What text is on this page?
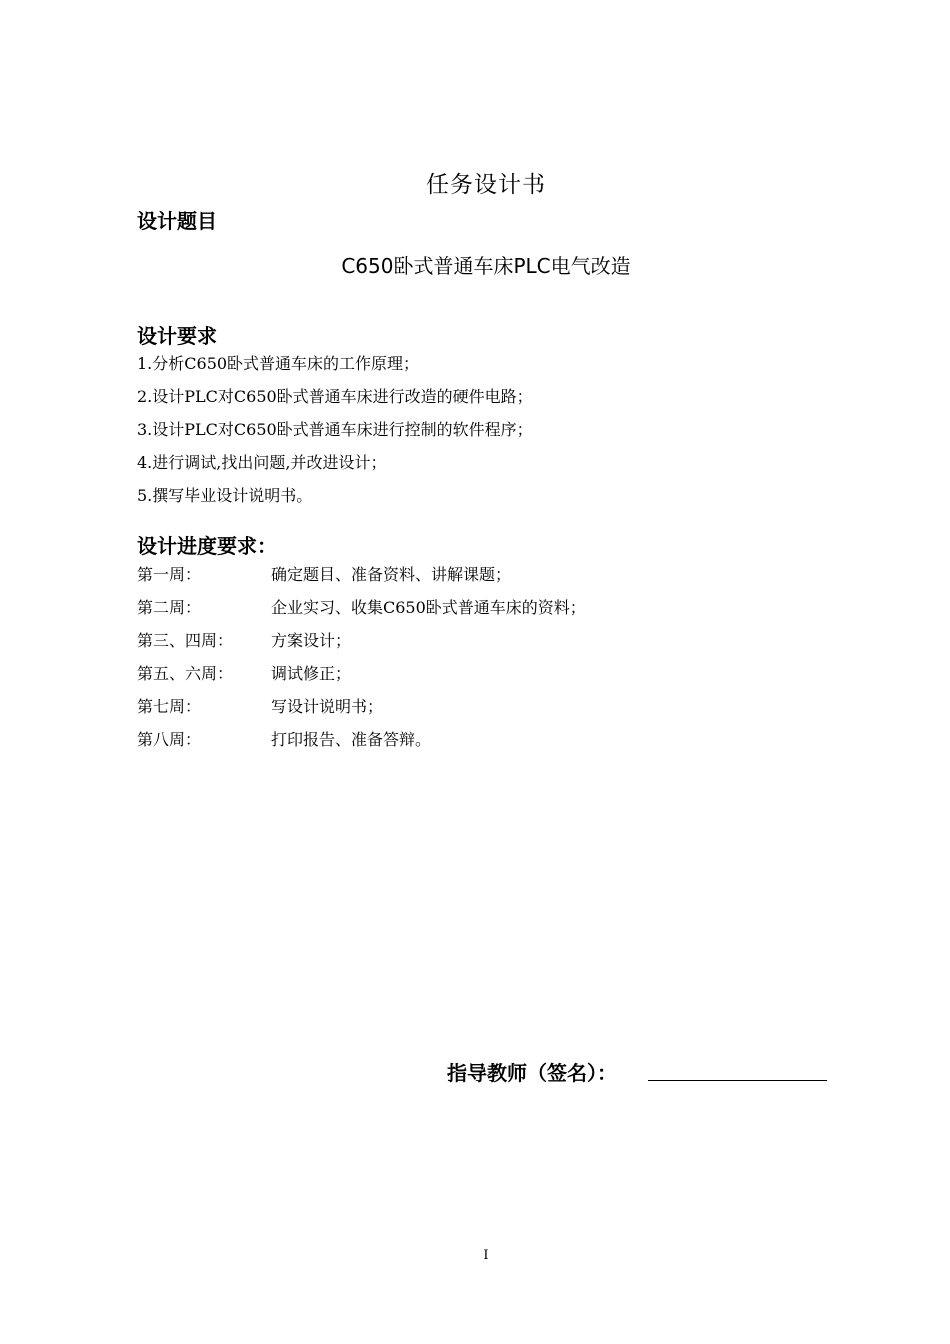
任务设计书
设计题目
C650卧式普通车床PLC电气改造
设计要求
1.分析C650卧式普通车床的工作原理；
2.设计PLC对C650卧式普通车床进行改造的硬件电路；
3.设计PLC对C650卧式普通车床进行控制的软件程序；
4.进行调试,找出问题,并改进设计；
5.撰写毕业设计说明书。
设计进度要求：
第一周：	确定题目、准备资料、讲解课题；
第二周：	企业实习、收集C650卧式普通车床的资料；
第三、四周： 方案设计；
第五、六周： 调试修正；
第七周：	写设计说明书；
第八周：	打印报告、准备答辩。
指导教师（签名）：
I
